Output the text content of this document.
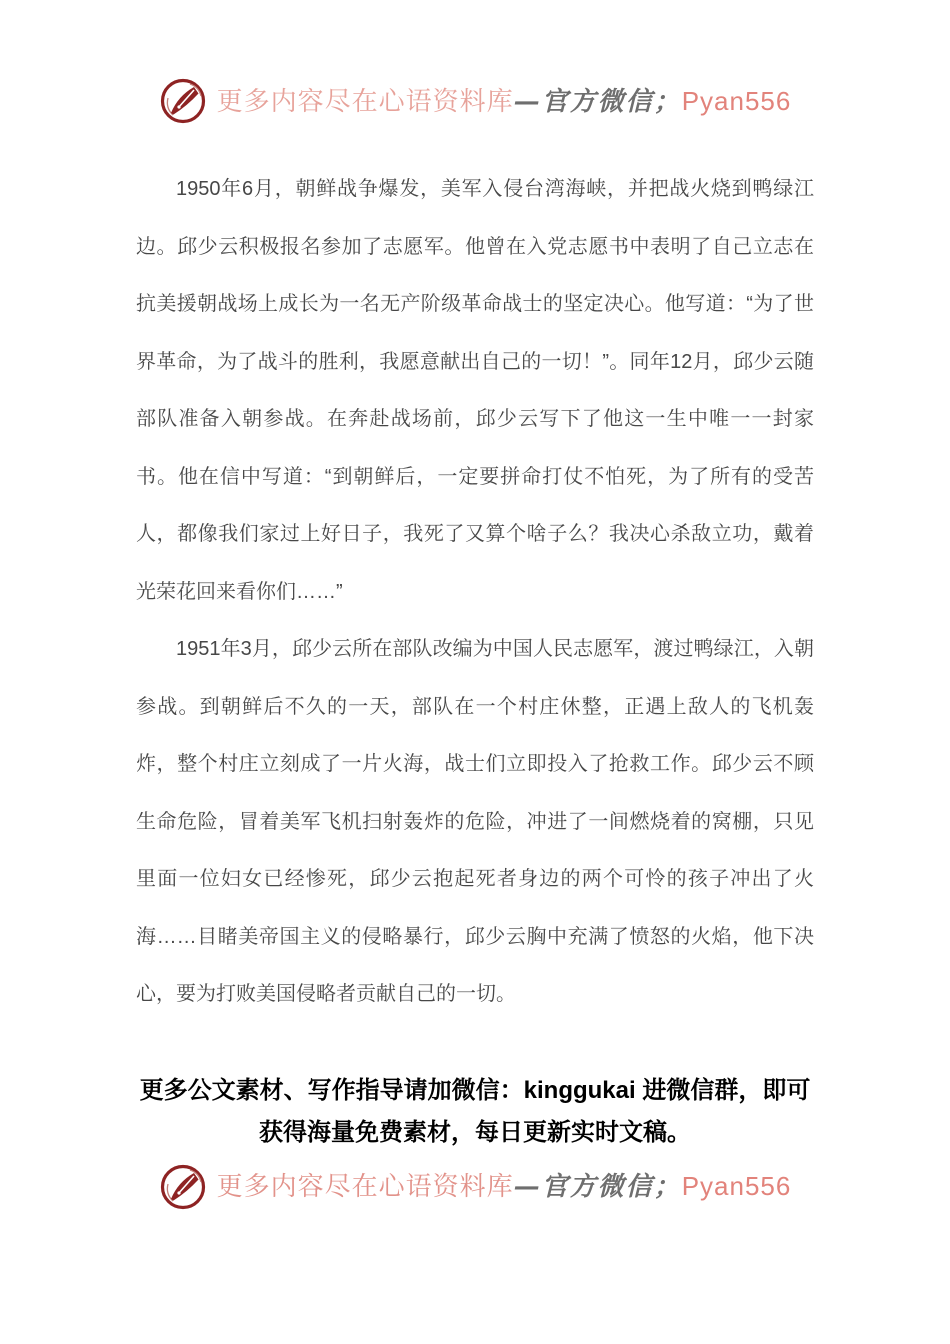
更多内容尽在心语资料库—官方微信；Pyan556

1950年6月，朝鲜战争爆发，美军入侵台湾海峡，并把战火烧到鸭绿江边。邱少云积极报名参加了志愿军。他曾在入党志愿书中表明了自己立志在抗美援朝战场上成长为一名无产阶级革命战士的坚定决心。他写道：“为了世界革命，为了战斗的胜利，我愿意献出自己的一切！”。同年12月，邱少云随部队准备入朝参战。在奔赴战场前，邱少云写下了他这一生中唯一一封家书。他在信中写道：“到朝鲜后，一定要拼命打仗不怕死，为了所有的受苦人，都像我们家过上好日子，我死了又算个啥子么？我决心杀敌立功，戴着光荣花回来看你们……”

1951年3月，邱少云所在部队改编为中国人民志愿军，渡过鸭绿江，入朝参战。到朝鲜后不久的一天，部队在一个村庄休整，正遇上敌人的飞机轰炸，整个村庄立刻成了一片火海，战士们立即投入了抢救工作。邱少云不顾生命危险，冒着美军飞机扫射轰炸的危险，冲进了一间燃烧着的窝棚，只见里面一位妇女已经惨死，邱少云抱起死者身边的两个可怜的孩子冲出了火海……目睹美帝国主义的侵略暴行，邱少云胸中充满了愤怒的火焰，他下决心，要为打败美国侵略者贡献自己的一切。

更多公文素材、写作指导请加微信：kinggukai 进微信群，即可
获得海量免费素材，每日更新实时文稿。
更多内容尽在心语资料库—官方微信；Pyan556
